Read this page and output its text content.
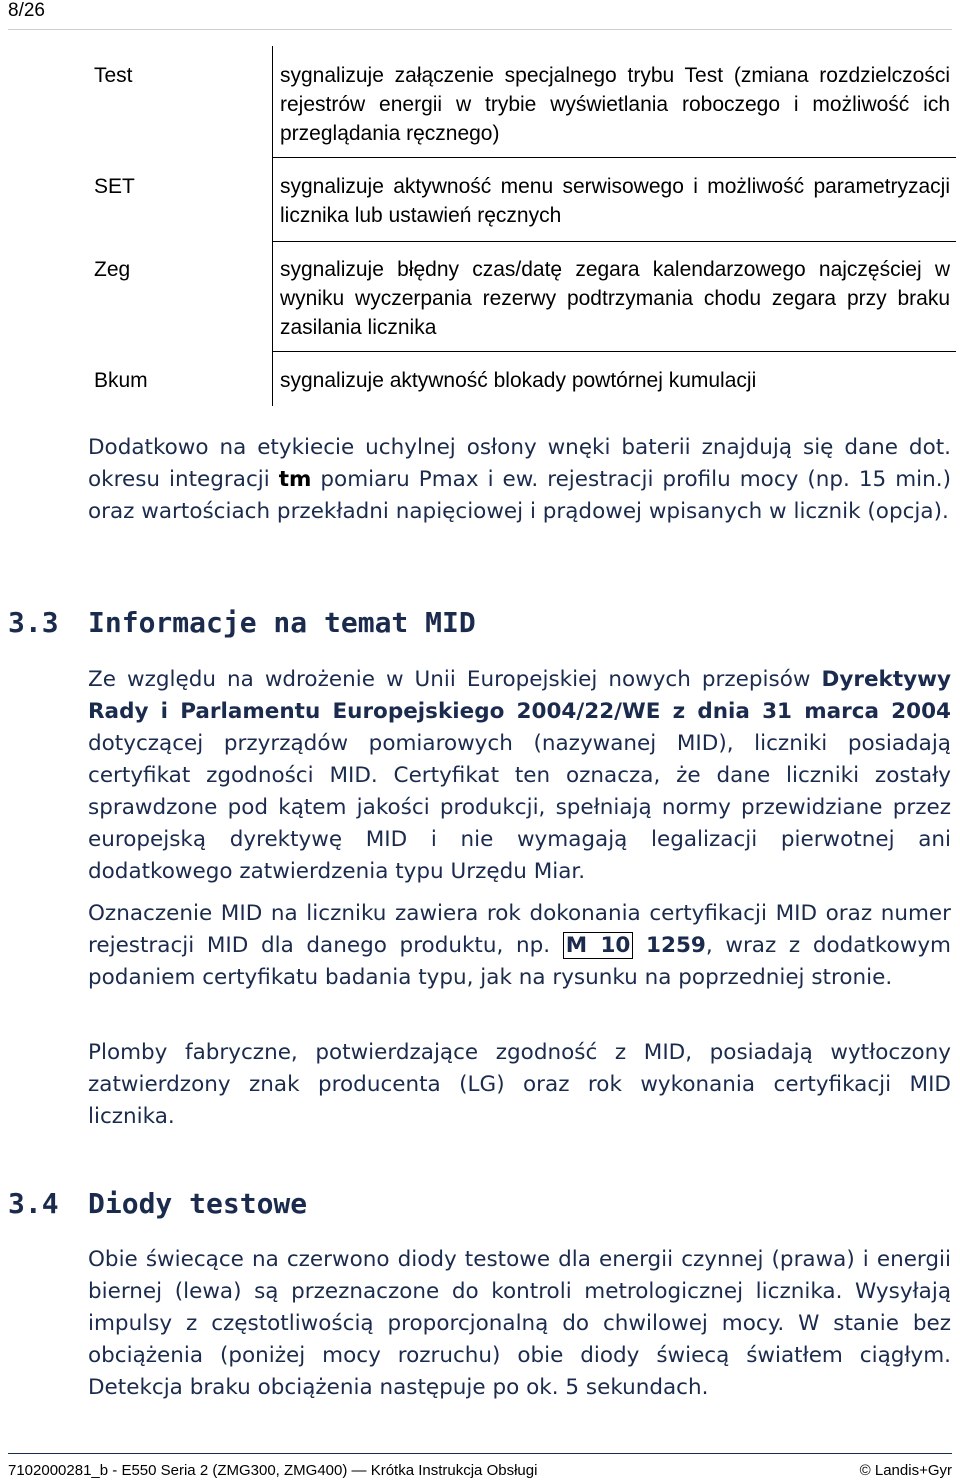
8/26
Test	sygnalizuje załączenie specjalnego trybu Test (zmiana rozdzielczości rejestrów energii w trybie wyświetlania roboczego i możliwość ich przeglądania ręcznego)
SET	sygnalizuje aktywność menu serwisowego i możliwość parametryzacji licznika lub ustawień ręcznych
Zeg	sygnalizuje błędny czas/datę zegara kalendarzowego najczęściej w wyniku wyczerpania rezerwy podtrzymania chodu zegara przy braku zasilania licznika
Bkum	sygnalizuje aktywność blokady powtórnej kumulacji
Dodatkowo na etykiecie uchylnej osłony wnęki baterii znajdują się dane dot. okresu integracji tm pomiaru Pmax i ew. rejestracji profilu mocy (np. 15 min.) oraz wartościach przekładni napięciowej i prądowej wpisanych w licznik (opcja).
3.3 Informacje na temat MID
Ze względu na wdrożenie w Unii Europejskiej nowych przepisów Dyrektywy Rady i Parlamentu Europejskiego 2004/22/WE z dnia 31 marca 2004 dotyczącej przyrządów pomiarowych (nazywanej MID), liczniki posiadają certyfikat zgodności MID. Certyfikat ten oznacza, że dane liczniki zostały sprawdzone pod kątem jakości produkcji, spełniają normy przewidziane przez europejską dyrektywę MID i nie wymagają legalizacji pierwotnej ani dodatkowego zatwierdzenia typu Urzędu Miar.
Oznaczenie MID na liczniku zawiera rok dokonania certyfikacji MID oraz numer rejestracji MID dla danego produktu, np. M 10 1259, wraz z dodatkowym podaniem certyfikatu badania typu, jak na rysunku na poprzedniej stronie.
Plomby fabryczne, potwierdzające zgodność z MID, posiadają wytłoczony zatwierdzony znak producenta (LG) oraz rok wykonania certyfikacji MID licznika.
3.4 Diody testowe
Obie świecące na czerwono diody testowe dla energii czynnej (prawa) i energii biernej (lewa) są przeznaczone do kontroli metrologicznej licznika. Wysyłają impulsy z częstotliwością proporcjonalną do chwilowej mocy. W stanie bez obciążenia (poniżej mocy rozruchu) obie diody świecą światłem ciągłym. Detekcja braku obciążenia następuje po ok. 5 sekundach.
7102000281_b - E550 Seria 2 (ZMG300, ZMG400) — Krótka Instrukcja Obsługi	© Landis+Gyr
